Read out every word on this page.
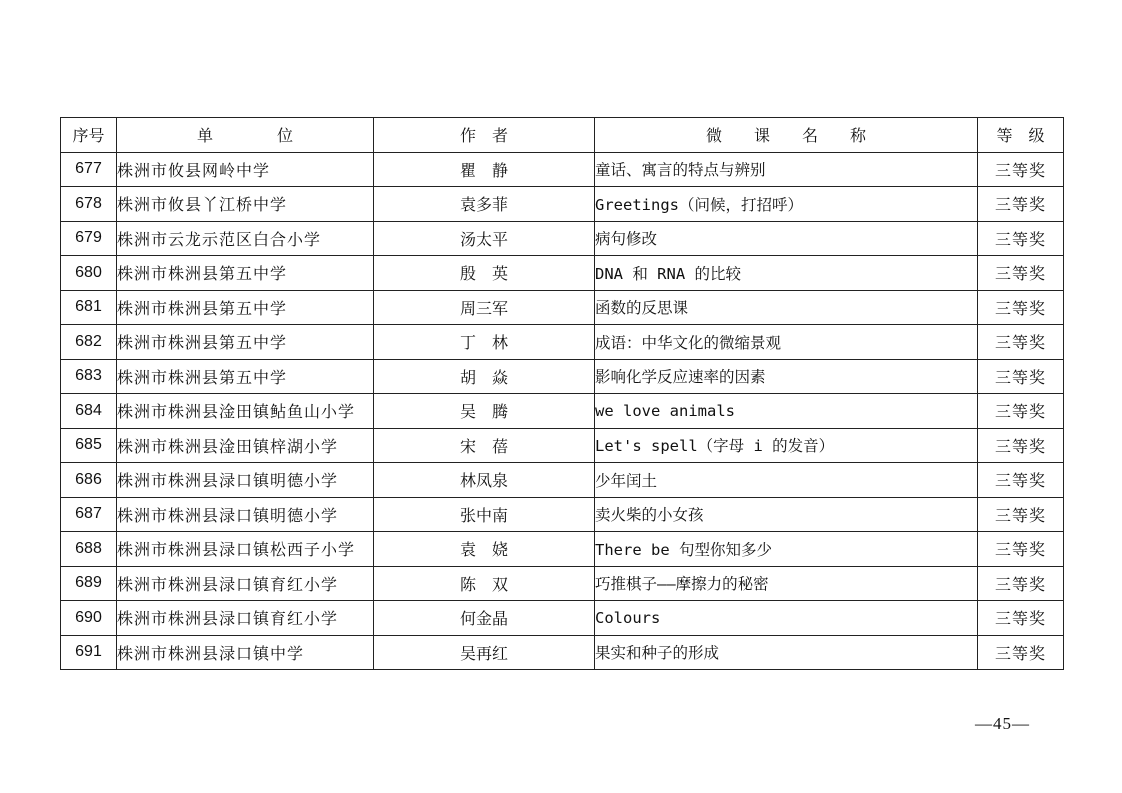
序号	单　　　　位	作　者	微　　课　　名　　称	等　级
677	株洲市攸县网岭中学	瞿　静	童话、寓言的特点与辨别	三等奖
678	株洲市攸县丫江桥中学	袁多菲	Greetings（问候，打招呼）	三等奖
679	株洲市云龙示范区白合小学	汤太平	病句修改	三等奖
680	株洲市株洲县第五中学	殷　英	DNA 和 RNA 的比较	三等奖
681	株洲市株洲县第五中学	周三军	函数的反思课	三等奖
682	株洲市株洲县第五中学	丁　林	成语：中华文化的微缩景观	三等奖
683	株洲市株洲县第五中学	胡　焱	影响化学反应速率的因素	三等奖
684	株洲市株洲县淦田镇鲇鱼山小学	吴　腾	we love animals	三等奖
685	株洲市株洲县淦田镇梓湖小学	宋　蓓	Let's spell（字母 i 的发音）	三等奖
686	株洲市株洲县渌口镇明德小学	林凤泉	少年闰土	三等奖
687	株洲市株洲县渌口镇明德小学	张中南	卖火柴的小女孩	三等奖
688	株洲市株洲县渌口镇松西子小学	袁　娆	There be 句型你知多少	三等奖
689	株洲市株洲县渌口镇育红小学	陈　双	巧推棋子——摩擦力的秘密	三等奖
690	株洲市株洲县渌口镇育红小学	何金晶	Colours	三等奖
691	株洲市株洲县渌口镇中学	吴再红	果实和种子的形成	三等奖
—45—
